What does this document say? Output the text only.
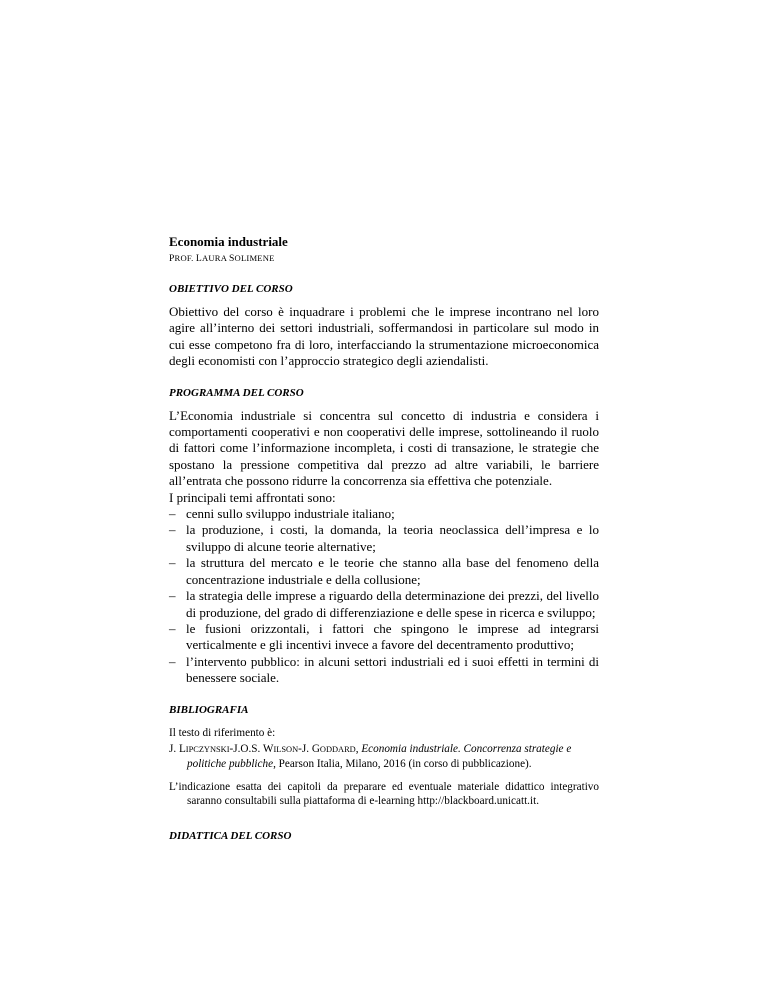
Economia industriale

PROF. LAURA SOLIMENE

OBIETTIVO DEL CORSO

Obiettivo del corso è inquadrare i problemi che le imprese incontrano nel loro agire all’interno dei settori industriali, soffermandosi in particolare sul modo in cui esse competono fra di loro, interfacciando la strumentazione microeconomica degli economisti con l’approccio strategico degli aziendalisti.

PROGRAMMA DEL CORSO

L’Economia industriale si concentra sul concetto di industria e considera i comportamenti cooperativi e non cooperativi delle imprese, sottolineando il ruolo di fattori come l’informazione incompleta, i costi di transazione, le strategie che spostano la pressione competitiva dal prezzo ad altre variabili, le barriere all’entrata che possono ridurre la concorrenza sia effettiva che potenziale.

I principali temi affrontati sono:

– cenni sullo sviluppo industriale italiano;
– la produzione, i costi, la domanda, la teoria neoclassica dell’impresa e lo sviluppo di alcune teorie alternative;
– la struttura del mercato e le teorie che stanno alla base del fenomeno della concentrazione industriale e della collusione;
– la strategia delle imprese a riguardo della determinazione dei prezzi, del livello di produzione, del grado di differenziazione e delle spese in ricerca e sviluppo;
– le fusioni orizzontali, i fattori che spingono le imprese ad integrarsi verticalmente e gli incentivi invece a favore del decentramento produttivo;
– l’intervento pubblico: in alcuni settori industriali ed i suoi effetti in termini di benessere sociale.

BIBLIOGRAFIA

Il testo di riferimento è:

J. LIPCZYNSKI-J.O.S. WILSON-J. GODDARD, Economia industriale. Concorrenza strategie e politiche pubbliche, Pearson Italia, Milano, 2016 (in corso di pubblicazione).

L’indicazione esatta dei capitoli da preparare ed eventuale materiale didattico integrativo saranno consultabili sulla piattaforma di e-learning http://blackboard.unicatt.it.

DIDATTICA DEL CORSO
